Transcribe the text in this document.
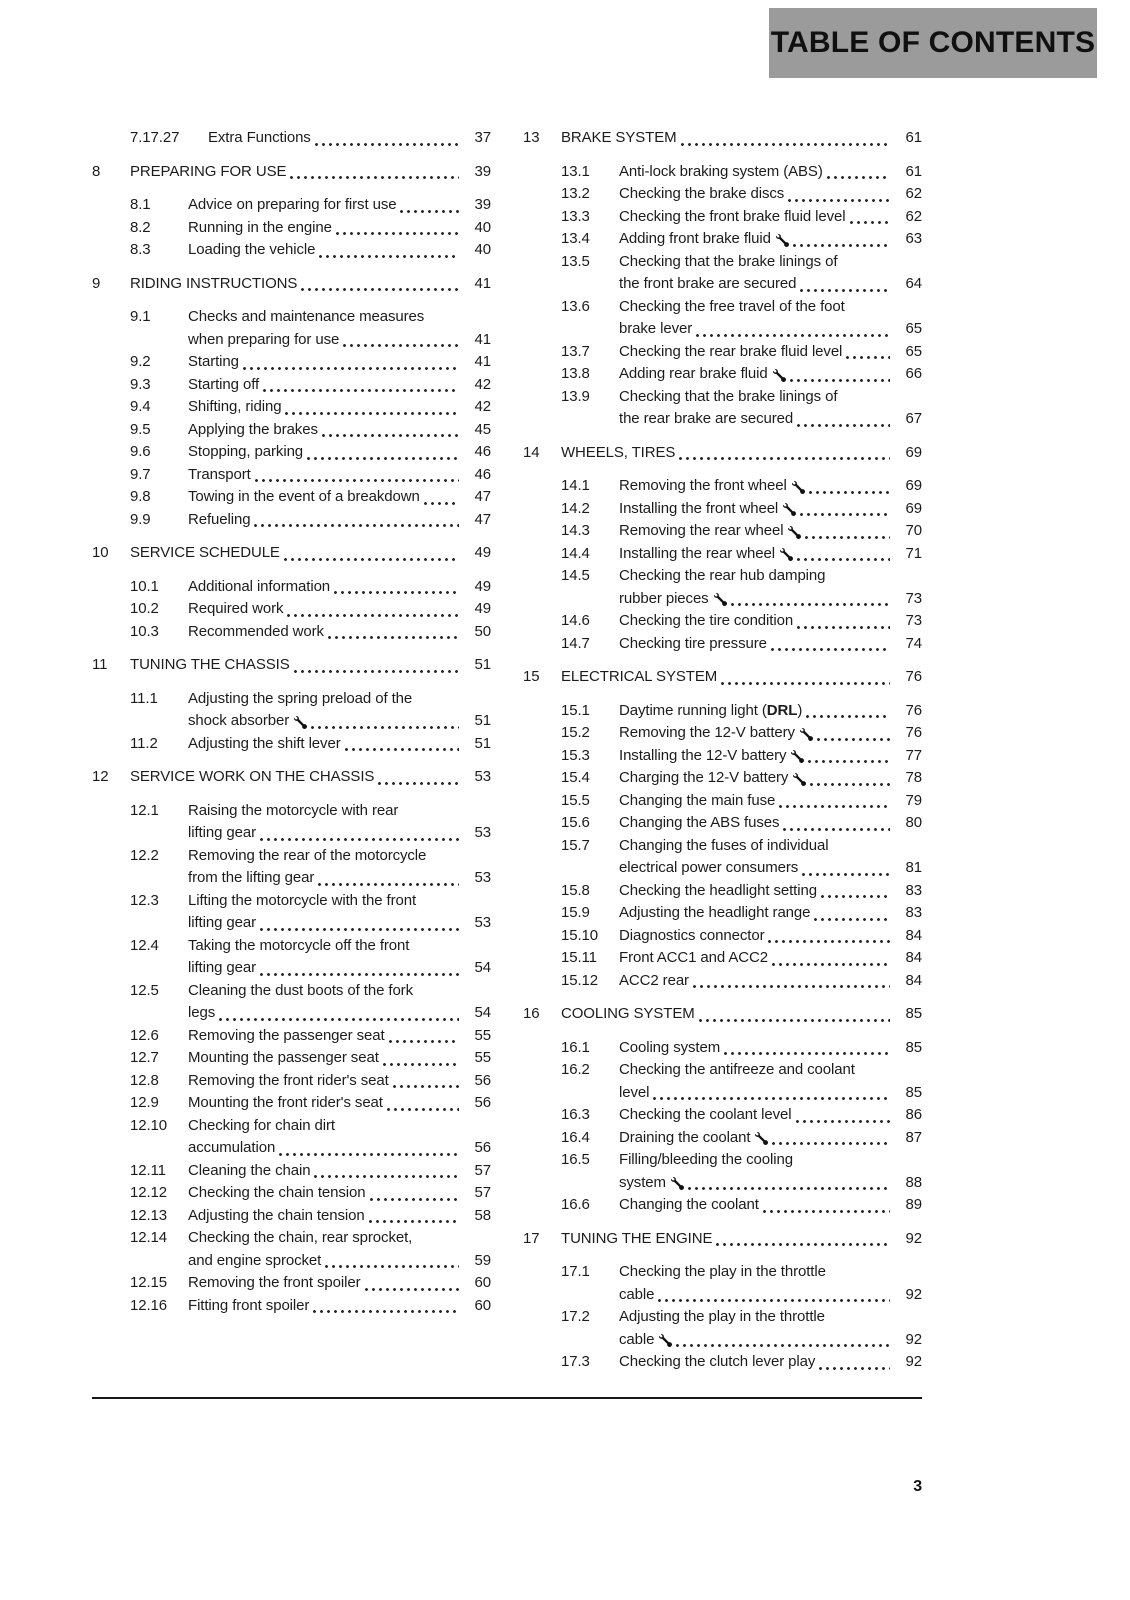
TABLE OF CONTENTS
7.17.27	Extra Functions	37
8	PREPARING FOR USE	39
8.1	Advice on preparing for first use	39
8.2	Running in the engine	40
8.3	Loading the vehicle	40
9	RIDING INSTRUCTIONS	41
9.1	Checks and maintenance measures
when preparing for use	41
9.2	Starting	41
9.3	Starting off	42
9.4	Shifting, riding	42
9.5	Applying the brakes	45
9.6	Stopping, parking	46
9.7	Transport	46
9.8	Towing in the event of a breakdown	47
9.9	Refueling	47
10	SERVICE SCHEDULE	49
10.1	Additional information	49
10.2	Required work	49
10.3	Recommended work	50
11	TUNING THE CHASSIS	51
11.1	Adjusting the spring preload of the
shock absorber	51
11.2	Adjusting the shift lever	51
12	SERVICE WORK ON THE CHASSIS	53
12.1	Raising the motorcycle with rear
lifting gear	53
12.2	Removing the rear of the motorcycle
from the lifting gear	53
12.3	Lifting the motorcycle with the front
lifting gear	53
12.4	Taking the motorcycle off the front
lifting gear	54
12.5	Cleaning the dust boots of the fork
legs	54
12.6	Removing the passenger seat	55
12.7	Mounting the passenger seat	55
12.8	Removing the front rider's seat	56
12.9	Mounting the front rider's seat	56
12.10	Checking for chain dirt
accumulation	56
12.11	Cleaning the chain	57
12.12	Checking the chain tension	57
12.13	Adjusting the chain tension	58
12.14	Checking the chain, rear sprocket,
and engine sprocket	59
12.15	Removing the front spoiler	60
12.16	Fitting front spoiler	60
13	BRAKE SYSTEM	61
13.1	Anti-lock braking system (ABS)	61
13.2	Checking the brake discs	62
13.3	Checking the front brake fluid level	62
13.4	Adding front brake fluid	63
13.5	Checking that the brake linings of
the front brake are secured	64
13.6	Checking the free travel of the foot
brake lever	65
13.7	Checking the rear brake fluid level	65
13.8	Adding rear brake fluid	66
13.9	Checking that the brake linings of
the rear brake are secured	67
14	WHEELS, TIRES	69
14.1	Removing the front wheel	69
14.2	Installing the front wheel	69
14.3	Removing the rear wheel	70
14.4	Installing the rear wheel	71
14.5	Checking the rear hub damping
rubber pieces	73
14.6	Checking the tire condition	73
14.7	Checking tire pressure	74
15	ELECTRICAL SYSTEM	76
15.1	Daytime running light (DRL)	76
15.2	Removing the 12-V battery	76
15.3	Installing the 12-V battery	77
15.4	Charging the 12-V battery	78
15.5	Changing the main fuse	79
15.6	Changing the ABS fuses	80
15.7	Changing the fuses of individual
electrical power consumers	81
15.8	Checking the headlight setting	83
15.9	Adjusting the headlight range	83
15.10	Diagnostics connector	84
15.11	Front ACC1 and ACC2	84
15.12	ACC2 rear	84
16	COOLING SYSTEM	85
16.1	Cooling system	85
16.2	Checking the antifreeze and coolant
level	85
16.3	Checking the coolant level	86
16.4	Draining the coolant	87
16.5	Filling/bleeding the cooling
system	88
16.6	Changing the coolant	89
17	TUNING THE ENGINE	92
17.1	Checking the play in the throttle
cable	92
17.2	Adjusting the play in the throttle
cable	92
17.3	Checking the clutch lever play	92
3
